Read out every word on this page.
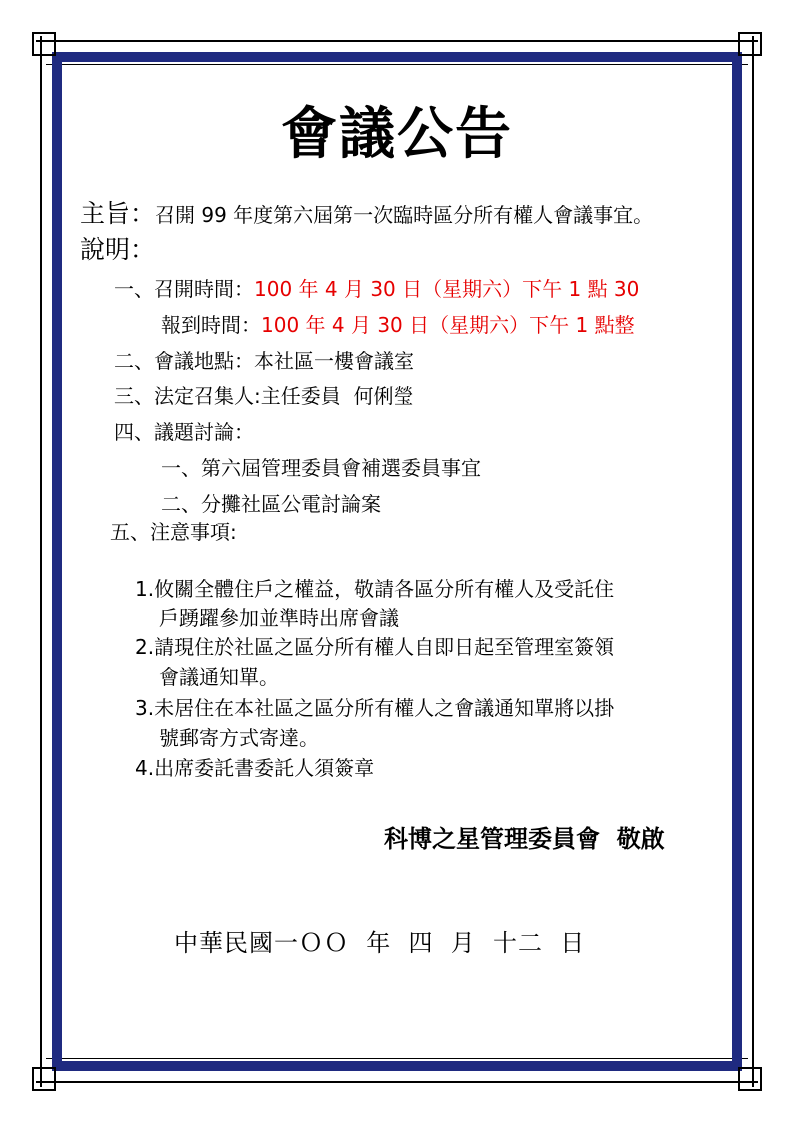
會議公告
主旨：召開 99 年度第六屆第一次臨時區分所有權人會議事宜。
說明：
一、召開時間：100 年 4 月 30 日（星期六）下午 1 點 30
報到時間：100 年 4 月 30 日（星期六）下午 1 點整
二、會議地點：本社區一樓會議室
三、法定召集人:主任委員  何俐瑩
四、議題討論：
一、第六屆管理委員會補選委員事宜
二、分攤社區公電討論案
五、注意事項:
1.攸關全體住戶之權益，敬請各區分所有權人及受託住
戶踴躍參加並準時出席會議
2.請現住於社區之區分所有權人自即日起至管理室簽領
會議通知單。
3.未居住在本社區之區分所有權人之會議通知單將以掛
號郵寄方式寄達。
4.出席委託書委託人須簽章
科博之星管理委員會  敬啟
中華民國一ＯＯ  年  四  月  十二  日
